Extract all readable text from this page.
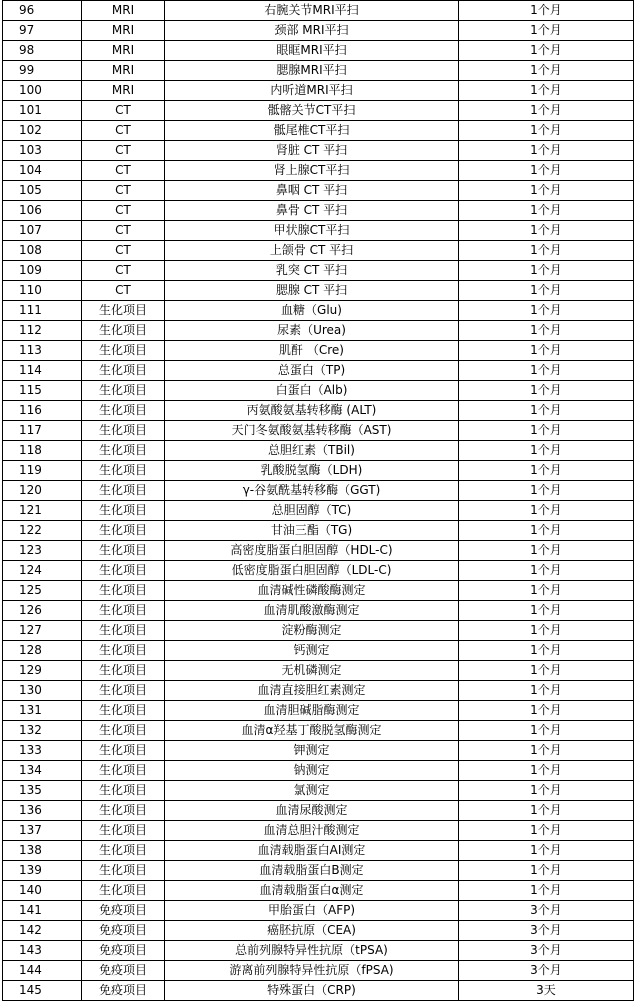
96	MRI	右腕关节MRI平扫	1个月
97	MRI	颈部 MRI平扫	1个月
98	MRI	眼眶MRI平扫	1个月
99	MRI	腮腺MRI平扫	1个月
100	MRI	内听道MRI平扫	1个月
101	CT	骶髂关节CT平扫	1个月
102	CT	骶尾椎CT平扫	1个月
103	CT	肾脏 CT 平扫	1个月
104	CT	肾上腺CT平扫	1个月
105	CT	鼻咽 CT 平扫	1个月
106	CT	鼻骨 CT 平扫	1个月
107	CT	甲状腺CT平扫	1个月
108	CT	上颌骨 CT 平扫	1个月
109	CT	乳突 CT 平扫	1个月
110	CT	腮腺 CT 平扫	1个月
111	生化项目	血糖（Glu)	1个月
112	生化项目	尿素（Urea)	1个月
113	生化项目	肌酐 （Cre)	1个月
114	生化项目	总蛋白（TP)	1个月
115	生化项目	白蛋白（Alb)	1个月
116	生化项目	丙氨酸氨基转移酶 (ALT)	1个月
117	生化项目	天门冬氨酸氨基转移酶（AST)	1个月
118	生化项目	总胆红素（TBil)	1个月
119	生化项目	乳酸脱氢酶（LDH)	1个月
120	生化项目	γ-谷氨酰基转移酶（GGT)	1个月
121	生化项目	总胆固醇（TC)	1个月
122	生化项目	甘油三酯（TG)	1个月
123	生化项目	高密度脂蛋白胆固醇（HDL-C)	1个月
124	生化项目	低密度脂蛋白胆固醇（LDL-C)	1个月
125	生化项目	血清碱性磷酸酶测定	1个月
126	生化项目	血清肌酸激酶测定	1个月
127	生化项目	淀粉酶测定	1个月
128	生化项目	钙测定	1个月
129	生化项目	无机磷测定	1个月
130	生化项目	血清直接胆红素测定	1个月
131	生化项目	血清胆碱脂酶测定	1个月
132	生化项目	血清α羟基丁酸脱氢酶测定	1个月
133	生化项目	钾测定	1个月
134	生化项目	钠测定	1个月
135	生化项目	氯测定	1个月
136	生化项目	血清尿酸测定	1个月
137	生化项目	血清总胆汁酸测定	1个月
138	生化项目	血清载脂蛋白AⅠ测定	1个月
139	生化项目	血清载脂蛋白B测定	1个月
140	生化项目	血清载脂蛋白α测定	1个月
141	免疫项目	甲胎蛋白（AFP)	3个月
142	免疫项目	癌胚抗原（CEA)	3个月
143	免疫项目	总前列腺特异性抗原（tPSA)	3个月
144	免疫项目	游离前列腺特异性抗原（fPSA)	3个月
145	免疫项目	特殊蛋白（CRP)	3天
